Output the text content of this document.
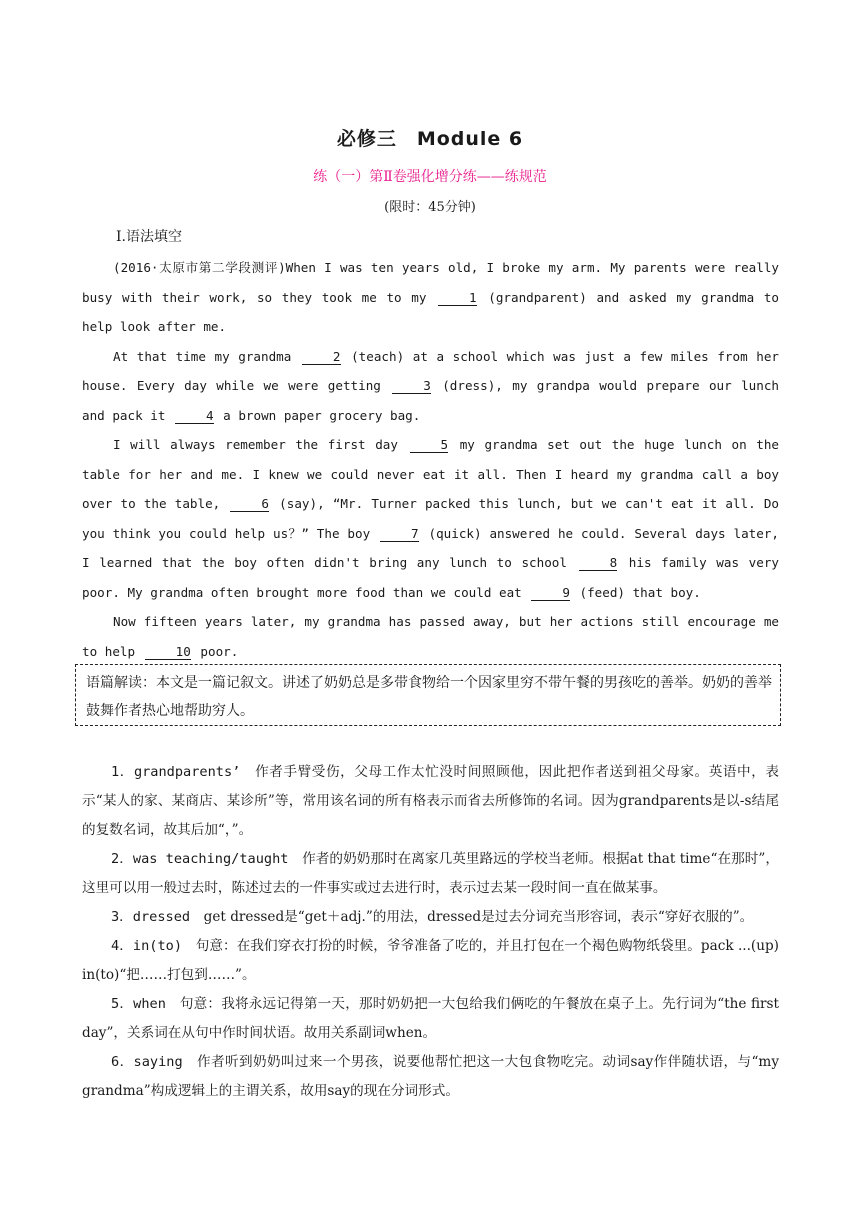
必修三　Module 6
练（一）第Ⅱ卷强化增分练——练规范
(限时：45分钟)
Ⅰ.语法填空

(2016·太原市第二学段测评)When I was ten years old, I broke my arm. My parents were really busy with their work, so they took me to my	1 (grandparent) and asked my grandma to help look after me.

At that time my grandma	2 (teach) at a school which was just a few miles from her house. Every day while we were getting	3 (dress), my grandpa would prepare our lunch and pack it	4 a brown paper grocery bag.

I will always remember the first day	5 my grandma set out the huge lunch on the table for her and me. I knew we could never eat it all. Then I heard my grandma call a boy over to the table,	6 (say), “Mr. Turner packed this lunch, but we can't eat it all. Do you think you could help us？” The boy	7 (quick) answered he could. Several days later, I learned that the boy often didn't bring any lunch to school	8 his family was very poor. My grandma often brought more food than we could eat	9 (feed) that boy.

Now fifteen years later, my grandma has passed away, but her actions still encourage me to help	10 poor.

语篇解读：本文是一篇记叙文。讲述了奶奶总是多带食物给一个因家里穷不带午餐的男孩吃的善举。奶奶的善举鼓舞作者热心地帮助穷人。

1．grandparents’　作者手臂受伤，父母工作太忙没时间照顾他，因此把作者送到祖父母家。英语中，表示“某人的家、某商店、某诊所”等，常用该名词的所有格表示而省去所修饰的名词。因为grandparents是以-s结尾的复数名词，故其后加“，”。

2．was teaching/taught　作者的奶奶那时在离家几英里路远的学校当老师。根据at that time“在那时”，这里可以用一般过去时，陈述过去的一件事实或过去进行时，表示过去某一段时间一直在做某事。

3．dressed　get dressed是“get＋adj.”的用法，dressed是过去分词充当形容词，表示“穿好衣服的”。

4．in(to)　句意：在我们穿衣打扮的时候，爷爷准备了吃的，并且打包在一个褐色购物纸袋里。pack ...(up) in(to)“把……打包到……”。

5．when　句意：我将永远记得第一天，那时奶奶把一大包给我们俩吃的午餐放在桌子上。先行词为“the first day”，关系词在从句中作时间状语。故用关系副词when。

6．saying　作者听到奶奶叫过来一个男孩，说要他帮忙把这一大包食物吃完。动词say作伴随状语，与“my grandma”构成逻辑上的主谓关系，故用say的现在分词形式。
